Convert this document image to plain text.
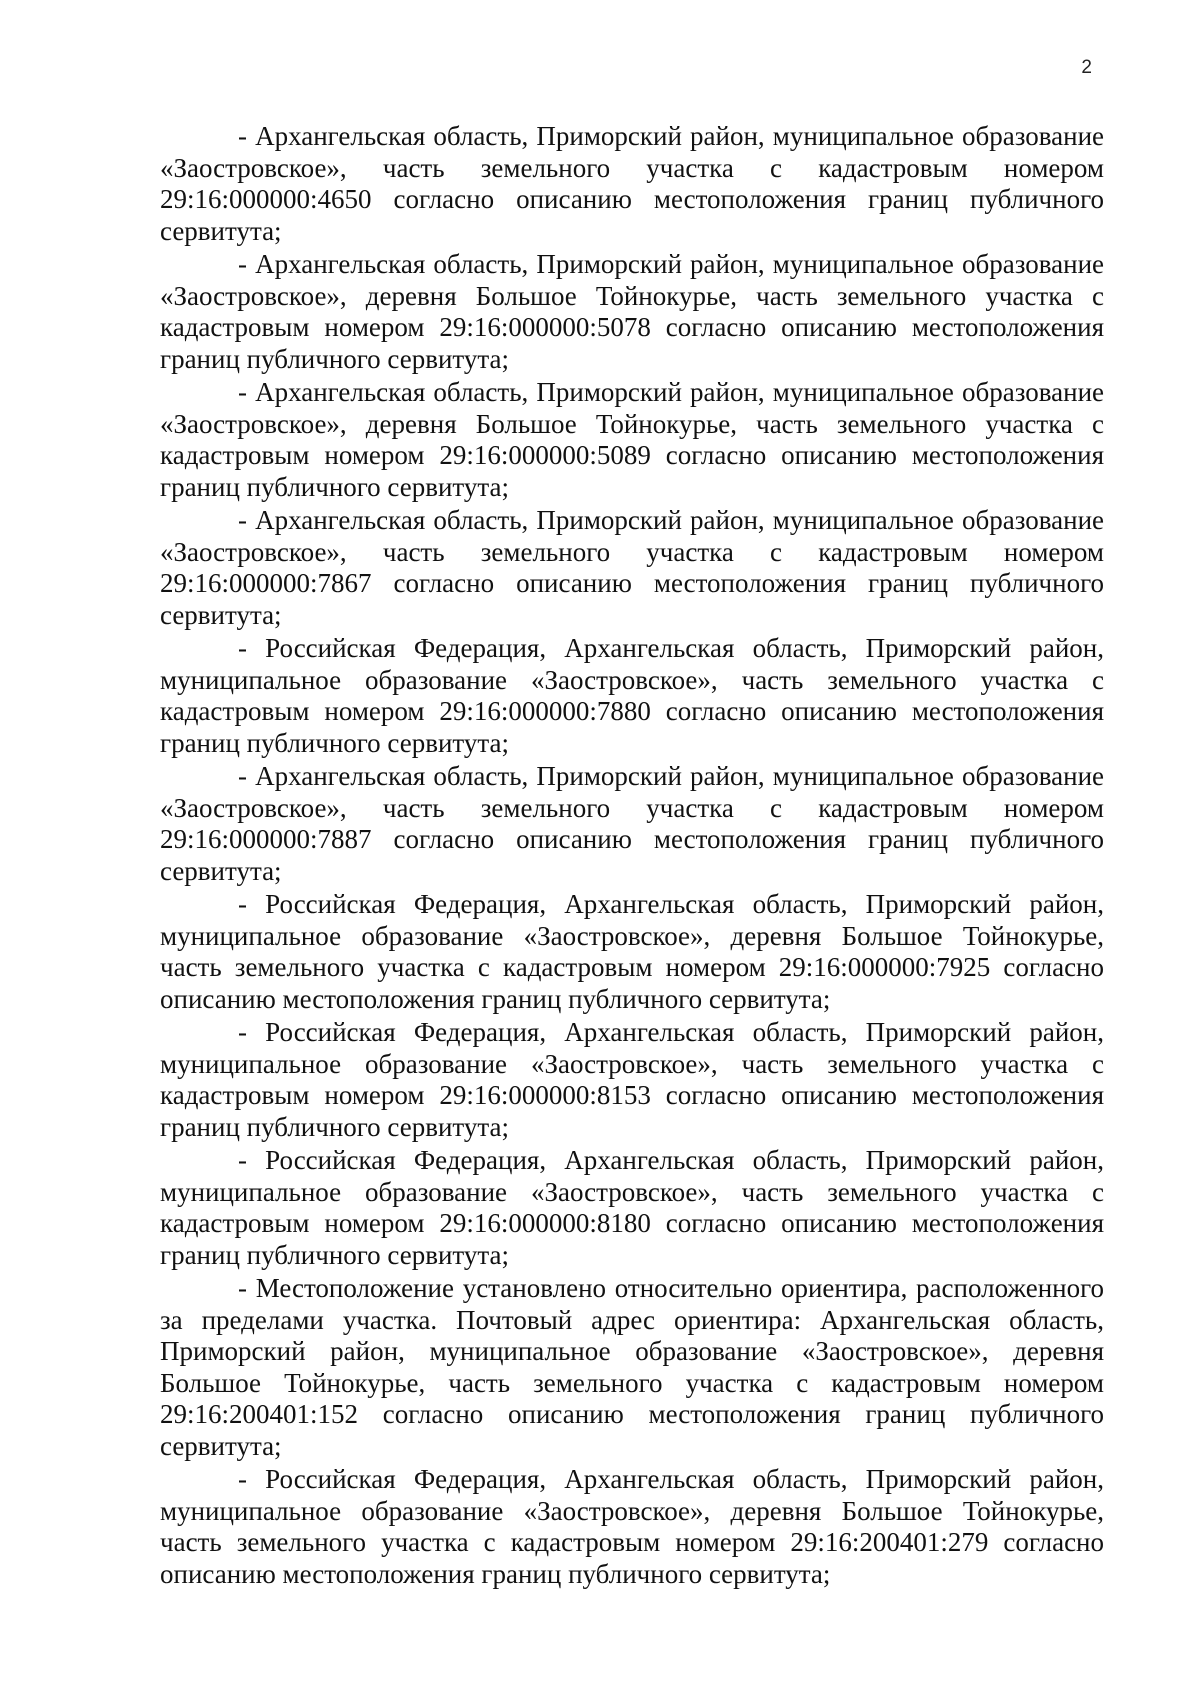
2

- Архангельская область, Приморский район, муниципальное образование «Заостровское», часть земельного участка с кадастровым номером 29:16:000000:4650 согласно описанию местоположения границ публичного сервитута;

- Архангельская область, Приморский район, муниципальное образование «Заостровское», деревня Большое Тойнокурье, часть земельного участка с кадастровым номером 29:16:000000:5078 согласно описанию местоположения границ публичного сервитута;

- Архангельская область, Приморский район, муниципальное образование «Заостровское», деревня Большое Тойнокурье, часть земельного участка с кадастровым номером 29:16:000000:5089 согласно описанию местоположения границ публичного сервитута;

- Архангельская область, Приморский район, муниципальное образование «Заостровское», часть земельного участка с кадастровым номером 29:16:000000:7867 согласно описанию местоположения границ публичного сервитута;

- Российская Федерация, Архангельская область, Приморский район, муниципальное образование «Заостровское», часть земельного участка с кадастровым номером 29:16:000000:7880 согласно описанию местоположения границ публичного сервитута;

- Архангельская область, Приморский район, муниципальное образование «Заостровское», часть земельного участка с кадастровым номером 29:16:000000:7887 согласно описанию местоположения границ публичного сервитута;

- Российская Федерация, Архангельская область, Приморский район, муниципальное образование «Заостровское», деревня Большое Тойнокурье, часть земельного участка с кадастровым номером 29:16:000000:7925 согласно описанию местоположения границ публичного сервитута;

- Российская Федерация, Архангельская область, Приморский район, муниципальное образование «Заостровское», часть земельного участка с кадастровым номером 29:16:000000:8153 согласно описанию местоположения границ публичного сервитута;

- Российская Федерация, Архангельская область, Приморский район, муниципальное образование «Заостровское», часть земельного участка с кадастровым номером 29:16:000000:8180 согласно описанию местоположения границ публичного сервитута;

- Местоположение установлено относительно ориентира, расположенного за пределами участка. Почтовый адрес ориентира: Архангельская область, Приморский район, муниципальное образование «Заостровское», деревня Большое Тойнокурье, часть земельного участка с кадастровым номером 29:16:200401:152 согласно описанию местоположения границ публичного сервитута;

- Российская Федерация, Архангельская область, Приморский район, муниципальное образование «Заостровское», деревня Большое Тойнокурье, часть земельного участка с кадастровым номером 29:16:200401:279 согласно описанию местоположения границ публичного сервитута;
